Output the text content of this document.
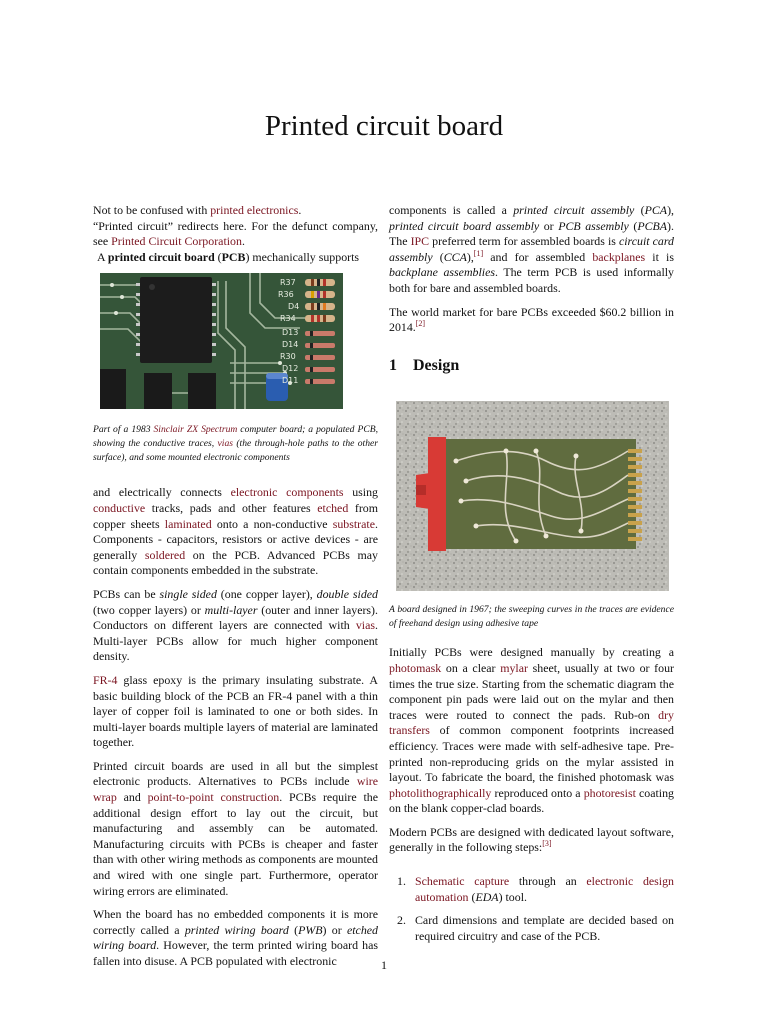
Printed circuit board
Not to be confused with printed electronics.
“Printed circuit” redirects here. For the defunct company, see Printed Circuit Corporation.

A printed circuit board (PCB) mechanically supports

R37
R36
D4
R34
D13
D14
R30
D12
D11

Part of a 1983 Sinclair ZX Spectrum computer board; a populated PCB, showing the conductive traces, vias (the through-hole paths to the other surface), and some mounted electronic components

and electrically connects electronic components using conductive tracks, pads and other features etched from copper sheets laminated onto a non-conductive substrate. Components - capacitors, resistors or active devices - are generally soldered on the PCB. Advanced PCBs may contain components embedded in the substrate.

PCBs can be single sided (one copper layer), double sided (two copper layers) or multi-layer (outer and inner layers). Conductors on different layers are connected with vias. Multi-layer PCBs allow for much higher component density.

FR-4 glass epoxy is the primary insulating substrate. A basic building block of the PCB an FR-4 panel with a thin layer of copper foil is laminated to one or both sides. In multi-layer boards multiple layers of material are laminated together.

Printed circuit boards are used in all but the simplest electronic products. Alternatives to PCBs include wire wrap and point-to-point construction. PCBs require the additional design effort to lay out the circuit, but manufacturing and assembly can be automated. Manufacturing circuits with PCBs is cheaper and faster than with other wiring methods as components are mounted and wired with one single part. Furthermore, operator wiring errors are eliminated.

When the board has no embedded components it is more correctly called a printed wiring board (PWB) or etched wiring board. However, the term printed wiring board has fallen into disuse. A PCB populated with electronic

components is called a printed circuit assembly (PCA), printed circuit board assembly or PCB assembly (PCBA). The IPC preferred term for assembled boards is circuit card assembly (CCA),[1] and for assembled backplanes it is backplane assemblies. The term PCB is used informally both for bare and assembled boards.

The world market for bare PCBs exceeded $60.2 billion in 2014.[2]

1 Design

A board designed in 1967; the sweeping curves in the traces are evidence of freehand design using adhesive tape

Initially PCBs were designed manually by creating a photomask on a clear mylar sheet, usually at two or four times the true size. Starting from the schematic diagram the component pin pads were laid out on the mylar and then traces were routed to connect the pads. Rub-on dry transfers of common component footprints increased efficiency. Traces were made with self-adhesive tape. Pre-printed non-reproducing grids on the mylar assisted in layout. To fabricate the board, the finished photomask was photolithographically reproduced onto a photoresist coating on the blank copper-clad boards.

Modern PCBs are designed with dedicated layout software, generally in the following steps:[3]

1. Schematic capture through an electronic design automation (EDA) tool.
2. Card dimensions and template are decided based on required circuitry and case of the PCB.
1
